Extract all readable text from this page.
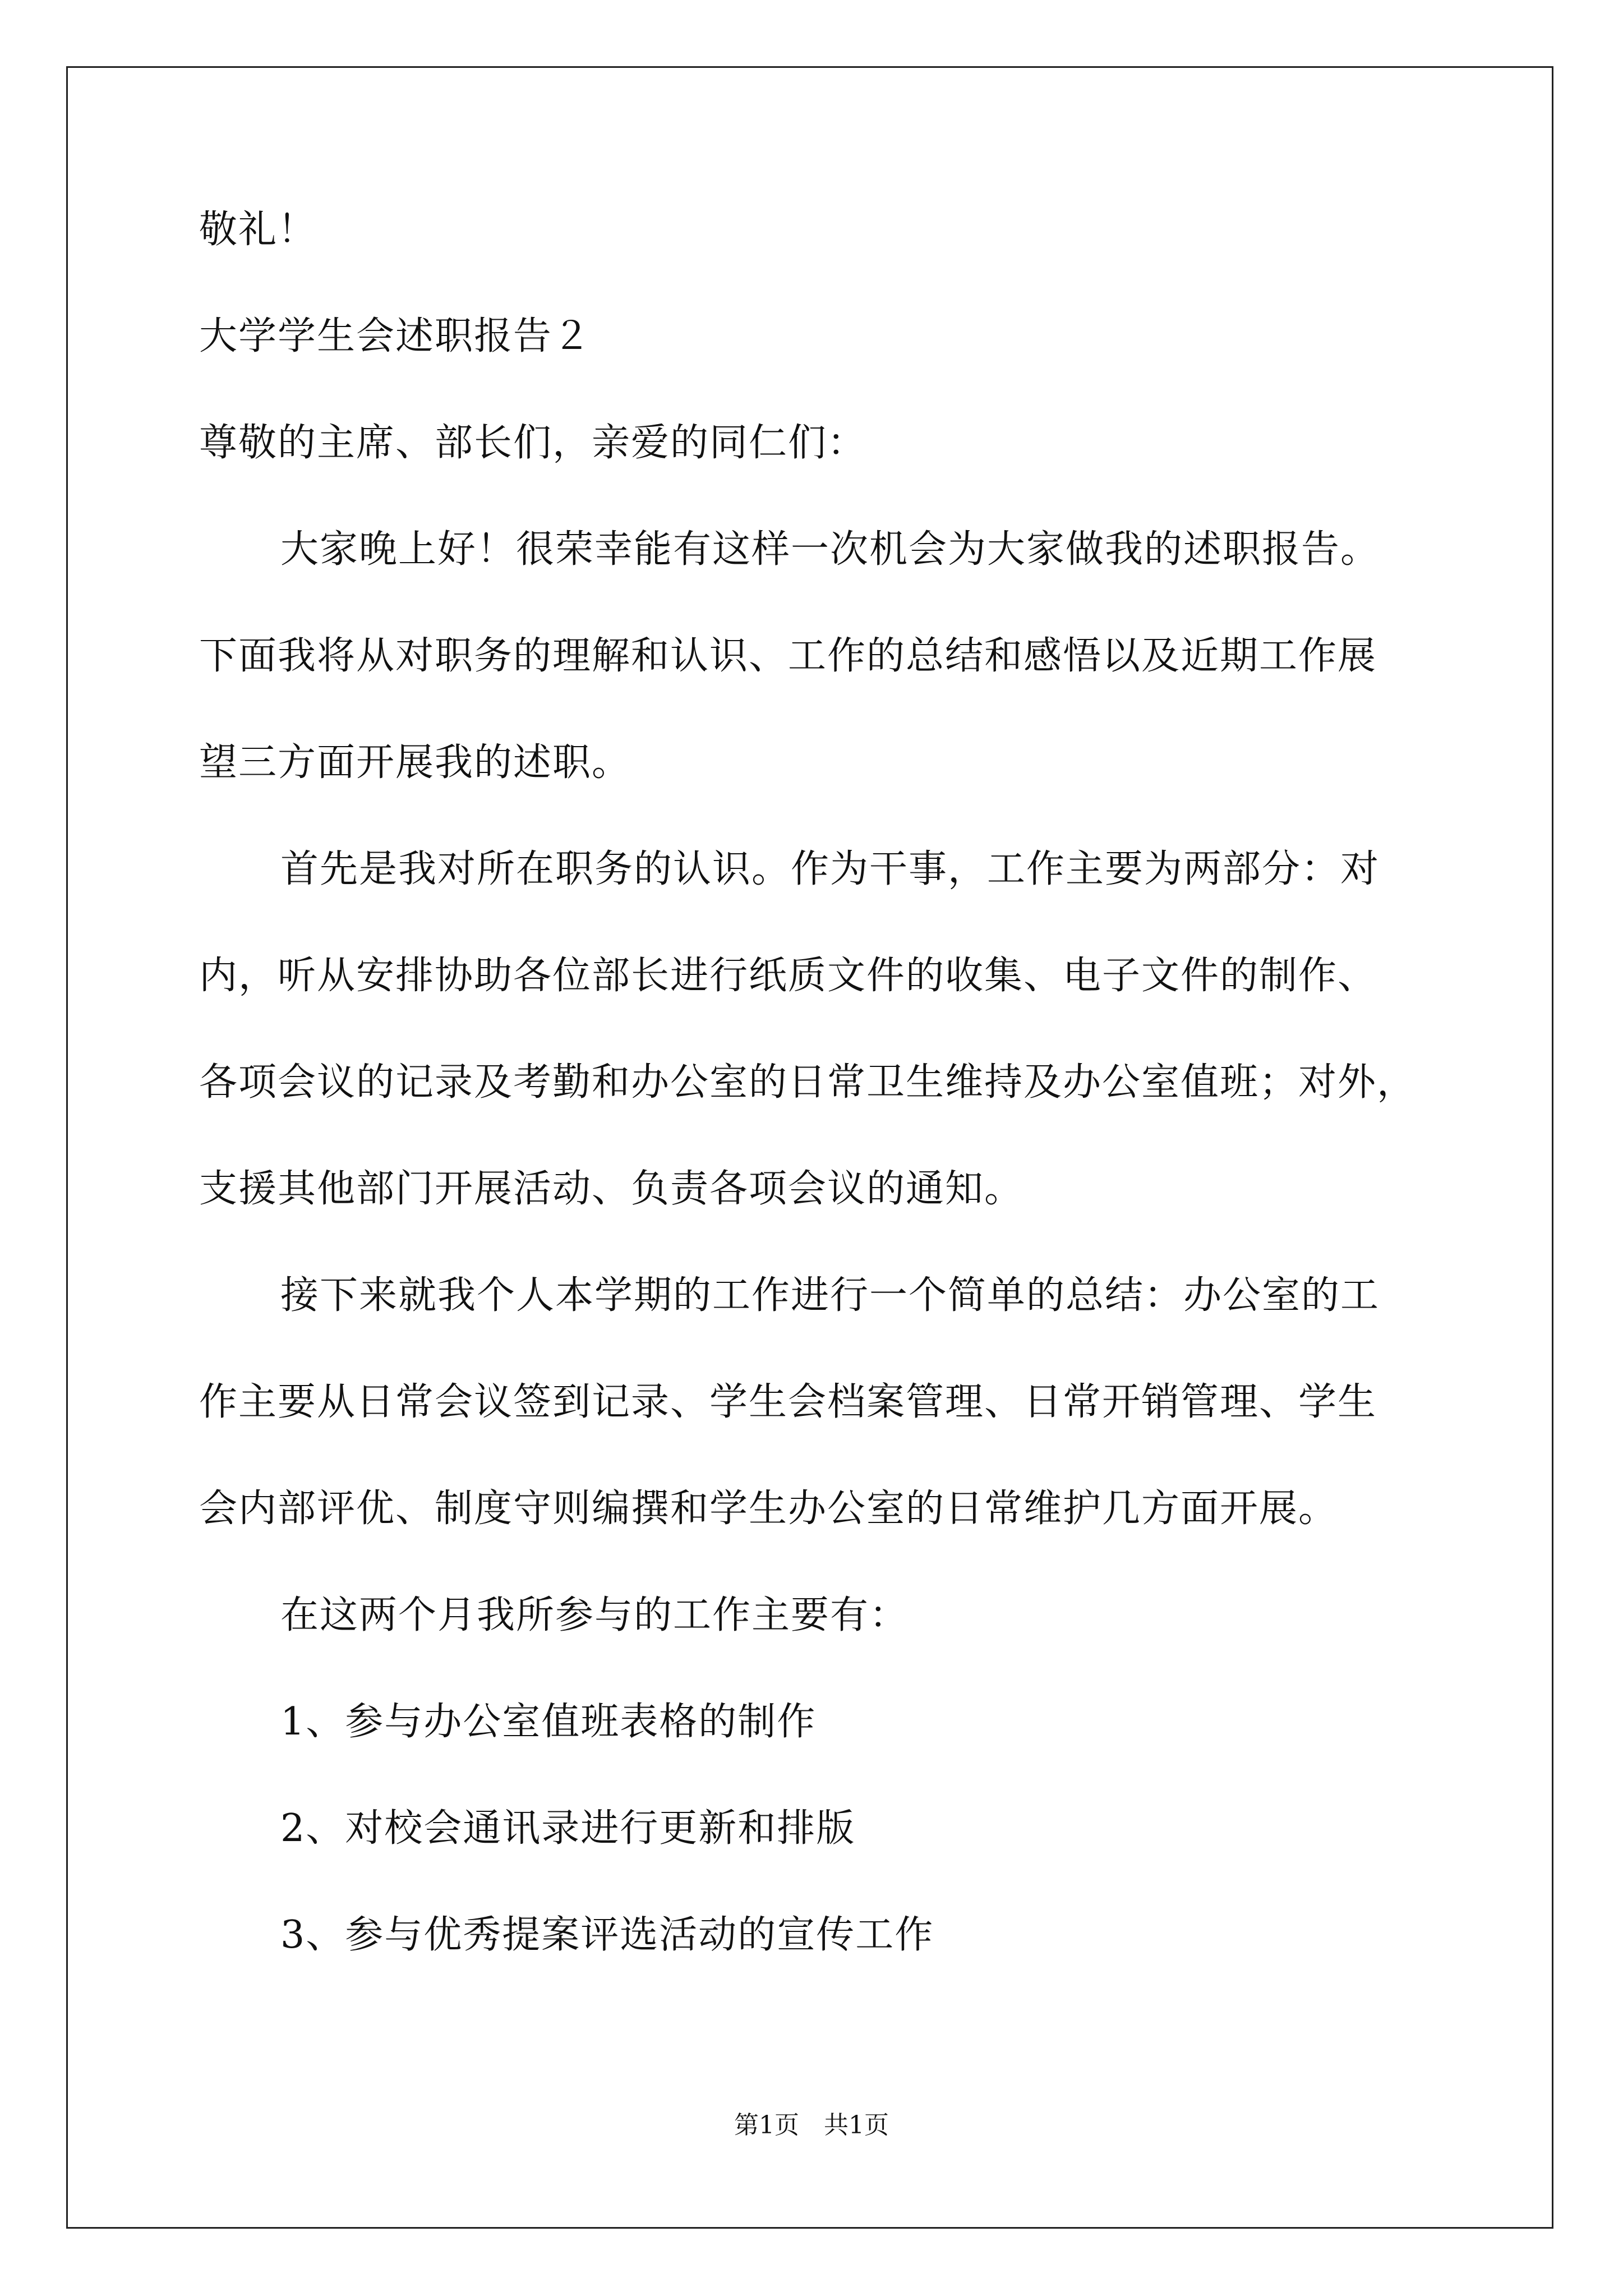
敬礼！
大学学生会述职报告２
尊敬的主席、部长们，亲爱的同仁们：
大家晚上好！很荣幸能有这样一次机会为大家做我的述职报告。
下面我将从对职务的理解和认识、工作的总结和感悟以及近期工作展
望三方面开展我的述职。
首先是我对所在职务的认识。作为干事，工作主要为两部分：对
内，听从安排协助各位部长进行纸质文件的收集、电子文件的制作、
各项会议的记录及考勤和办公室的日常卫生维持及办公室值班；对外，
支援其他部门开展活动、负责各项会议的通知。
接下来就我个人本学期的工作进行一个简单的总结：办公室的工
作主要从日常会议签到记录、学生会档案管理、日常开销管理、学生
会内部评优、制度守则编撰和学生办公室的日常维护几方面开展。
在这两个月我所参与的工作主要有：
1、参与办公室值班表格的制作
2、对校会通讯录进行更新和排版
3、参与优秀提案评选活动的宣传工作
第1页　共1页
